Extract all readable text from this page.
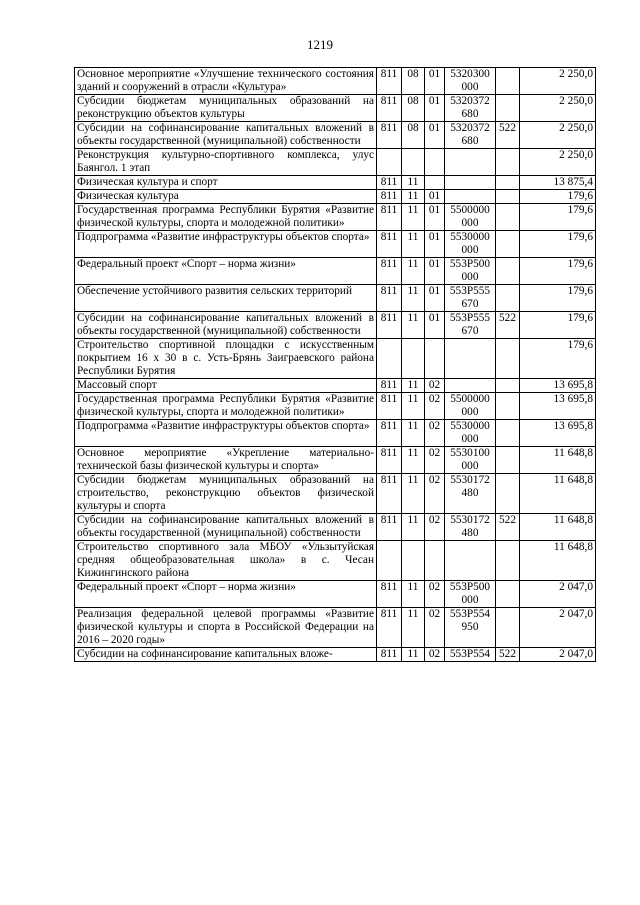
1219
Основное мероприятие «Улучшение технического состояния зданий и сооружений в отрасли «Культура»	811	08	01	5320300 000		2 250,0
Субсидии бюджетам муниципальных образований на реконструкцию объектов культуры	811	08	01	5320372 680		2 250,0
Субсидии на софинансирование капитальных вложений в объекты государственной (муниципальной) собственности	811	08	01	5320372 680	522	2 250,0
Реконструкция культурно-спортивного комплекса, улус Баянгол. 1 этап						2 250,0
Физическая культура и спорт	811	11				13 875,4
Физическая культура	811	11	01			179,6
Государственная программа Республики Бурятия «Развитие физической культуры, спорта и молодежной политики»	811	11	01	5500000 000		179,6
Подпрограмма «Развитие инфраструктуры объектов спорта»	811	11	01	5530000 000		179,6
Федеральный проект «Спорт – норма жизни»	811	11	01	553P500 000		179,6
Обеспечение устойчивого развития сельских территорий	811	11	01	553P555 670		179,6
Субсидии на софинансирование капитальных вложений в объекты государственной (муниципальной) собственности	811	11	01	553P555 670	522	179,6
Строительство спортивной площадки с искусственным покрытием 16 х 30 в с. Усть-Брянь Заиграевского района Республики Бурятия						179,6
Массовый спорт	811	11	02			13 695,8
Государственная программа Республики Бурятия «Развитие физической культуры, спорта и молодежной политики»	811	11	02	5500000 000		13 695,8
Подпрограмма «Развитие инфраструктуры объектов спорта»	811	11	02	5530000 000		13 695,8
Основное мероприятие «Укрепление материально-технической базы физической культуры и спорта»	811	11	02	5530100 000		11 648,8
Субсидии бюджетам муниципальных образований на строительство, реконструкцию объектов физической культуры и спорта	811	11	02	5530172 480		11 648,8
Субсидии на софинансирование капитальных вложений в объекты государственной (муниципальной) собственности	811	11	02	5530172 480	522	11 648,8
Строительство спортивного зала МБОУ «Ульзытуйская средняя общеобразовательная школа» в с. Чесан Кижингинского района						11 648,8
Федеральный проект «Спорт – норма жизни»	811	11	02	553P500 000		2 047,0
Реализация федеральной целевой программы «Развитие физической культуры и спорта в Российской Федерации на 2016 – 2020 годы»	811	11	02	553P554 950		2 047,0
Субсидии на софинансирование капитальных вложе-	811	11	02	553P554	522	2 047,0
